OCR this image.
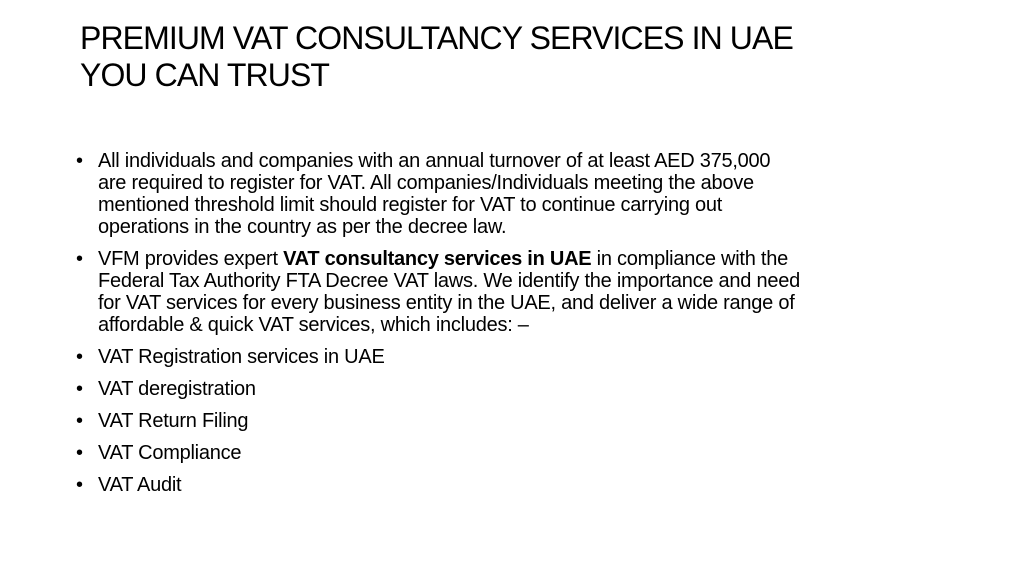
PREMIUM VAT CONSULTANCY SERVICES IN UAE
YOU CAN TRUST
• All individuals and companies with an annual turnover of at least AED 375,000
are required to register for VAT. All companies/Individuals meeting the above
mentioned threshold limit should register for VAT to continue carrying out
operations in the country as per the decree law.
• VFM provides expert VAT consultancy services in UAE in compliance with the
Federal Tax Authority FTA Decree VAT laws. We identify the importance and need
for VAT services for every business entity in the UAE, and deliver a wide range of
affordable & quick VAT services, which includes: –
• VAT Registration services in UAE
• VAT deregistration
• VAT Return Filing
• VAT Compliance
• VAT Audit
